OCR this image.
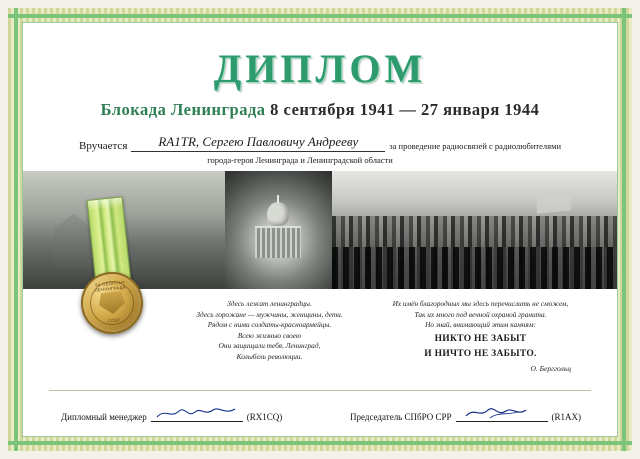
ДИПЛОМ
Блокада Ленинграда 8 сентября 1941 — 27 января 1944
Вручается	RA1TR, Сергею Павловичу Андрееву	за проведение радиосвязей с радиолюбителями
города-героя Ленинграда и Ленинградской области
Здесь лежат ленинградцы.
Здесь горожане — мужчины, женщины, дети.
Рядом с ними солдаты-красноармейцы.
Всею жизнью своею
Они защищали тебя, Ленинград,
Колыбель революции.
Их имён благородных мы здесь перечислить не сможем,
Так их много под вечной охраной гранита.
Но знай, внимающий этим камням:
НИКТО НЕ ЗАБЫТ
И НИЧТО НЕ ЗАБЫТО.
О. Берггольц
Дипломный менеджер	(RX1CQ)	Председатель СПбРО СРР	(R1AX)
ЗА ОБОРОНУ ЛЕНИНГРАДА
СССР
